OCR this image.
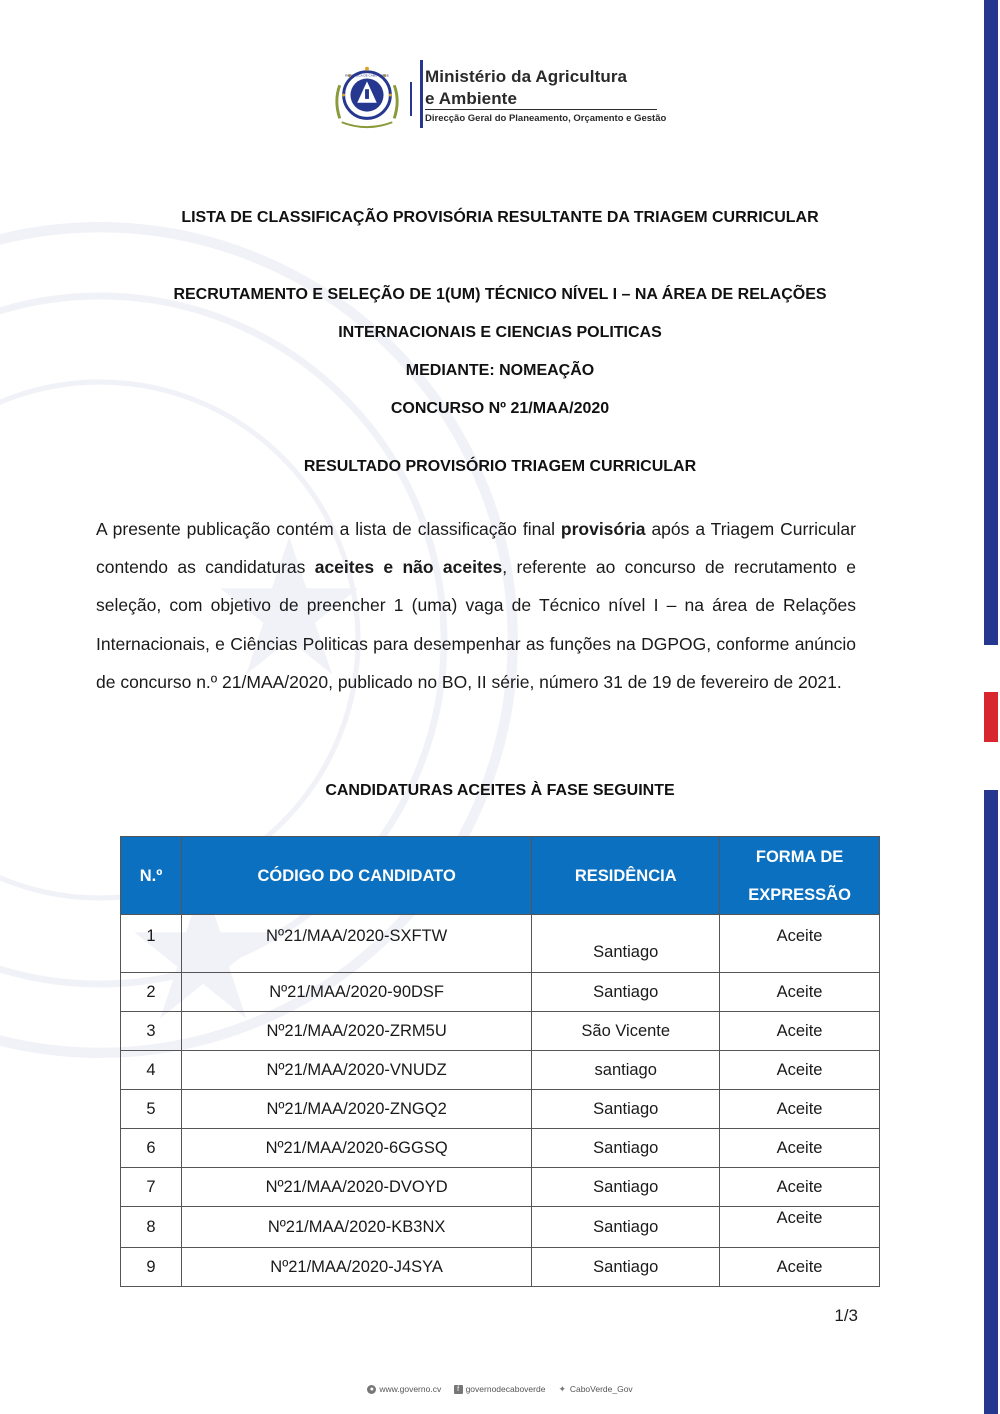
REPÚBLICA DE CABO VERDE Ministério da Agricultura
e Ambiente
Direcção Geral do Planeamento, Orçamento e Gestão
LISTA DE CLASSIFICAÇÃO PROVISÓRIA RESULTANTE DA TRIAGEM CURRICULAR
RECRUTAMENTO E SELEÇÃO DE 1(UM) TÉCNICO NÍVEL I – NA ÁREA DE RELAÇÕES
INTERNACIONAIS E CIENCIAS POLITICAS
MEDIANTE: NOMEAÇÃO
CONCURSO Nº 21/MAA/2020
RESULTADO PROVISÓRIO TRIAGEM CURRICULAR

A presente publicação contém a lista de classificação final provisória após a Triagem Curricular contendo as candidaturas aceites e não aceites, referente ao concurso de recrutamento e seleção, com objetivo de preencher 1 (uma) vaga de Técnico nível I – na área de Relações Internacionais, e Ciências Politicas para desempenhar as funções na DGPOG, conforme anúncio de concurso n.º 21/MAA/2020, publicado no BO, II série, número 31 de 19 de fevereiro de 2021.

CANDIDATURAS ACEITES À FASE SEGUINTE
N.º	CÓDIGO DO CANDIDATO	RESIDÊNCIA	FORMA DE
EXPRESSÃO
1	Nº21/MAA/2020-SXFTW	Santiago	Aceite
2	Nº21/MAA/2020-90DSF	Santiago	Aceite
3	Nº21/MAA/2020-ZRM5U	São Vicente	Aceite
4	Nº21/MAA/2020-VNUDZ	santiago	Aceite
5	Nº21/MAA/2020-ZNGQ2	Santiago	Aceite
6	Nº21/MAA/2020-6GGSQ	Santiago	Aceite
7	Nº21/MAA/2020-DVOYD	Santiago	Aceite
8	Nº21/MAA/2020-KB3NX	Santiago	Aceite
9	Nº21/MAA/2020-J4SYA	Santiago	Aceite
1/3
● www.governo.cv f governodecaboverde ✦ CaboVerde_Gov
